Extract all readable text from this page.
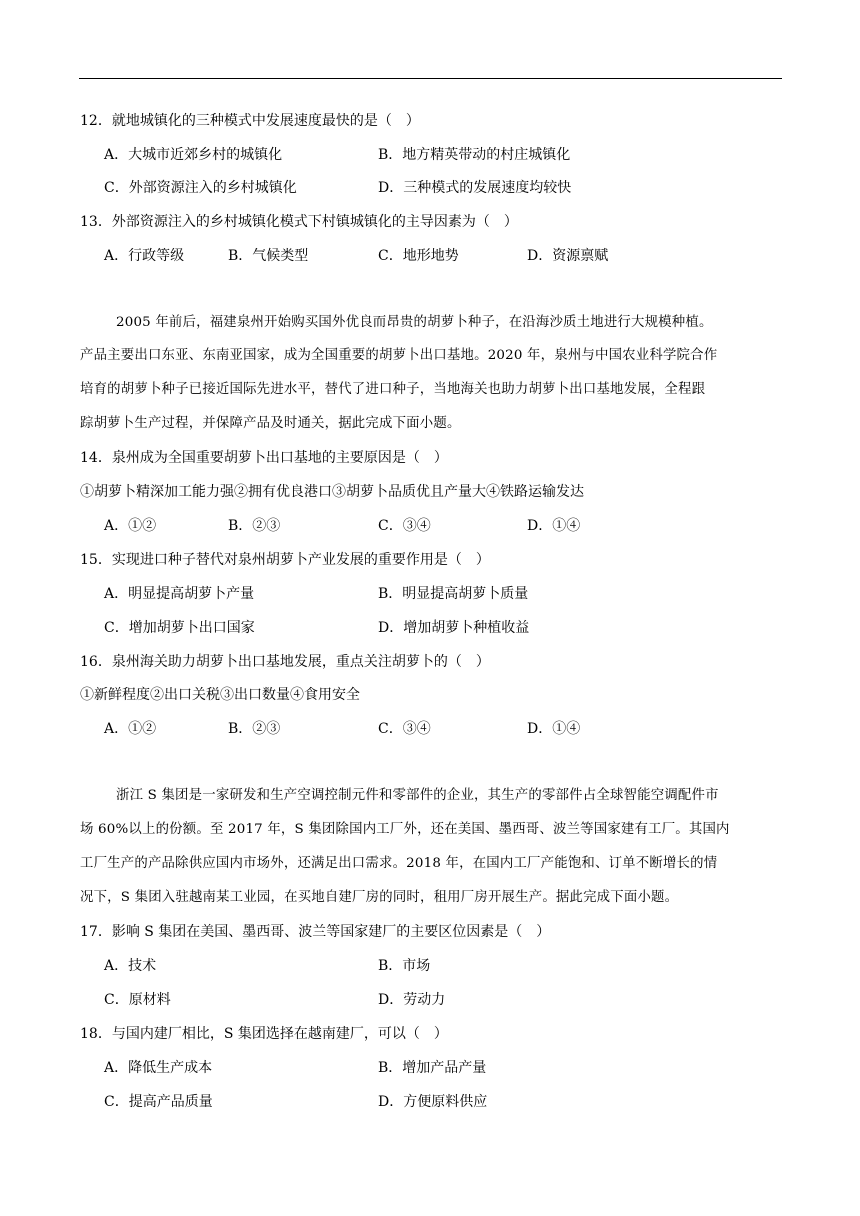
12．就地城镇化的三种模式中发展速度最快的是（　）
A．大城市近郊乡村的城镇化	B．地方精英带动的村庄城镇化
C．外部资源注入的乡村城镇化	D．三种模式的发展速度均较快
13．外部资源注入的乡村城镇化模式下村镇城镇化的主导因素为（　）
A．行政等级	B．气候类型	C．地形地势	D．资源禀赋
2005 年前后，福建泉州开始购买国外优良而昂贵的胡萝卜种子，在沿海沙质土地进行大规模种植。
产品主要出口东亚、东南亚国家，成为全国重要的胡萝卜出口基地。2020 年，泉州与中国农业科学院合作
培育的胡萝卜种子已接近国际先进水平，替代了进口种子，当地海关也助力胡萝卜出口基地发展，全程跟
踪胡萝卜生产过程，并保障产品及时通关，据此完成下面小题。
14．泉州成为全国重要胡萝卜出口基地的主要原因是（　）
①胡萝卜精深加工能力强②拥有优良港口③胡萝卜品质优且产量大④铁路运输发达
A．①②	B．②③	C．③④	D．①④
15．实现进口种子替代对泉州胡萝卜产业发展的重要作用是（　）
A．明显提高胡萝卜产量	B．明显提高胡萝卜质量
C．增加胡萝卜出口国家	D．增加胡萝卜种植收益
16．泉州海关助力胡萝卜出口基地发展，重点关注胡萝卜的（　）
①新鲜程度②出口关税③出口数量④食用安全
A．①②	B．②③	C．③④	D．①④
浙江 S 集团是一家研发和生产空调控制元件和零部件的企业，其生产的零部件占全球智能空调配件市
场 60%以上的份额。至 2017 年，S 集团除国内工厂外，还在美国、墨西哥、波兰等国家建有工厂。其国内
工厂生产的产品除供应国内市场外，还满足出口需求。2018 年，在国内工厂产能饱和、订单不断增长的情
况下，S 集团入驻越南某工业园，在买地自建厂房的同时，租用厂房开展生产。据此完成下面小题。
17．影响 S 集团在美国、墨西哥、波兰等国家建厂的主要区位因素是（　）
A．技术	B．市场
C．原材料	D．劳动力
18．与国内建厂相比，S 集团选择在越南建厂，可以（　）
A．降低生产成本	B．增加产品产量
C．提高产品质量	D．方便原料供应
